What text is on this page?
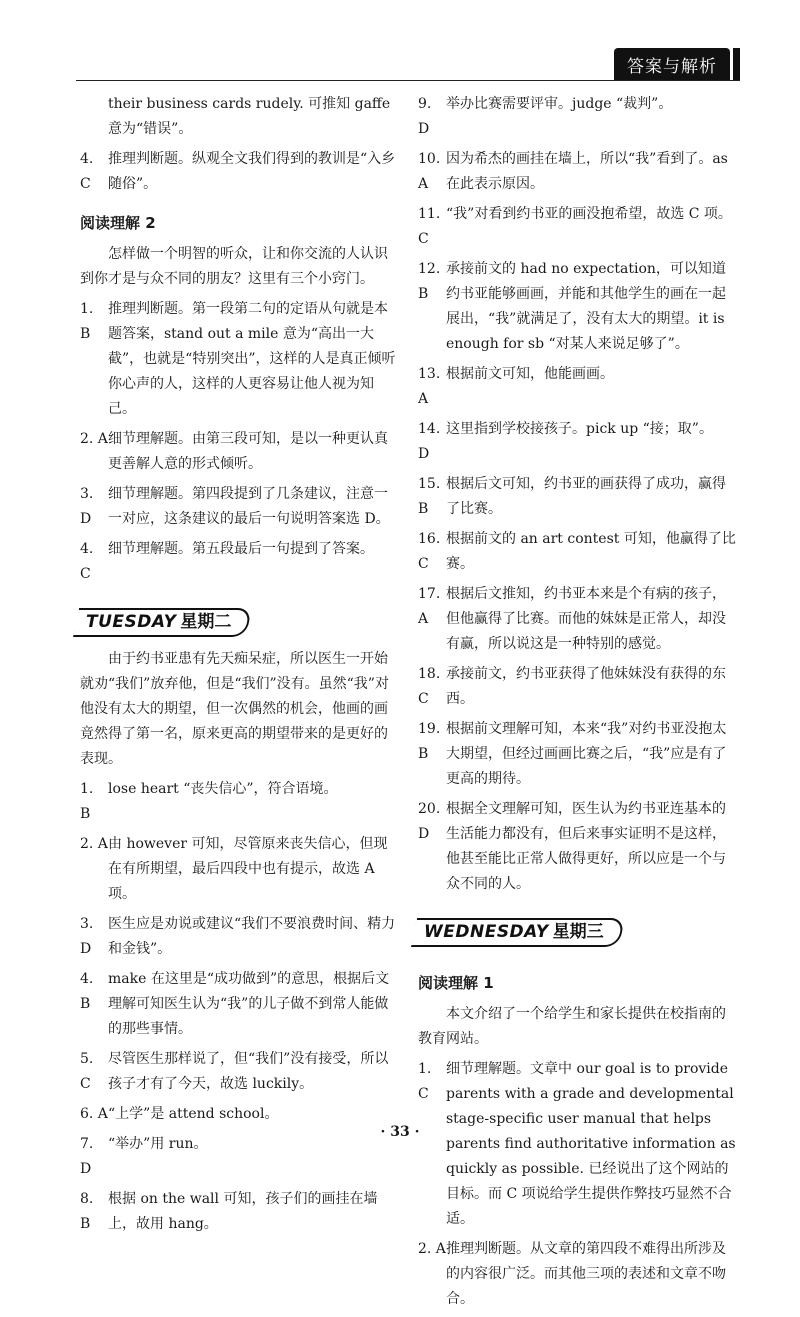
答案与解析
their business cards rudely. 可推知 gaffe 意为“错误”。
4. C
推理判断题。纵观全文我们得到的教训是“入乡随俗”。
阅读理解 2
怎样做一个明智的听众，让和你交流的人认识到你才是与众不同的朋友？这里有三个小窍门。
1. B
推理判断题。第一段第二句的定语从句就是本题答案，stand out a mile 意为“高出一大截”，也就是“特别突出”，这样的人是真正倾听你心声的人，这样的人更容易让他人视为知己。
2. A 细节理解题。由第三段可知，是以一种更认真更善解人意的形式倾听。
3. D
细节理解题。第四段提到了几条建议，注意一一对应，这条建议的最后一句说明答案选 D。
4. C
细节理解题。第五段最后一句提到了答案。
TUESDAY 星期二
由于约书亚患有先天痴呆症，所以医生一开始就劝“我们”放弃他，但是“我们”没有。虽然“我”对他没有太大的期望，但一次偶然的机会，他画的画竟然得了第一名，原来更高的期望带来的是更好的表现。
1. B
lose heart “丧失信心”，符合语境。
2. A 由 however 可知，尽管原来丧失信心，但现在有所期望，最后四段中也有提示，故选 A 项。
3. D
医生应是劝说或建议“我们不要浪费时间、精力和金钱”。
4. B
make 在这里是“成功做到”的意思，根据后文理解可知医生认为“我”的儿子做不到常人能做的那些事情。
5. C
尽管医生那样说了，但“我们”没有接受，所以孩子才有了今天，故选 luckily。
6. A “上学”是 attend school。
7. D
“举办”用 run。
8. B
根据 on the wall 可知，孩子们的画挂在墙上，故用 hang。
9. D
举办比赛需要评审。judge “裁判”。
10. A
因为希杰的画挂在墙上，所以“我”看到了。as 在此表示原因。
11. C
“我”对看到约书亚的画没抱希望，故选 C 项。
12. B
承接前文的 had no expectation，可以知道约书亚能够画画，并能和其他学生的画在一起展出，“我”就满足了，没有太大的期望。it is enough for sb “对某人来说足够了”。
13. A
根据前文可知，他能画画。
14. D
这里指到学校接孩子。pick up “接；取”。
15. B
根据后文可知，约书亚的画获得了成功，赢得了比赛。
16. C
根据前文的 an art contest 可知，他赢得了比赛。
17. A
根据后文推知，约书亚本来是个有病的孩子，但他赢得了比赛。而他的妹妹是正常人，却没有赢，所以说这是一种特别的感觉。
18. C
承接前文，约书亚获得了他妹妹没有获得的东西。
19. B
根据前文理解可知，本来“我”对约书亚没抱太大期望，但经过画画比赛之后，“我”应是有了更高的期待。
20. D
根据全文理解可知，医生认为约书亚连基本的生活能力都没有，但后来事实证明不是这样，他甚至能比正常人做得更好，所以应是一个与众不同的人。
WEDNESDAY 星期三
阅读理解 1
本文介绍了一个给学生和家长提供在校指南的教育网站。
1. C
细节理解题。文章中 our goal is to provide parents with a grade and developmental stage-specific user manual that helps parents find authoritative information as quickly as possible. 已经说出了这个网站的目标。而 C 项说给学生提供作弊技巧显然不合适。
2. A 推理判断题。从文章的第四段不难得出所涉及的内容很广泛。而其他三项的表述和文章不吻合。
· 33 ·
